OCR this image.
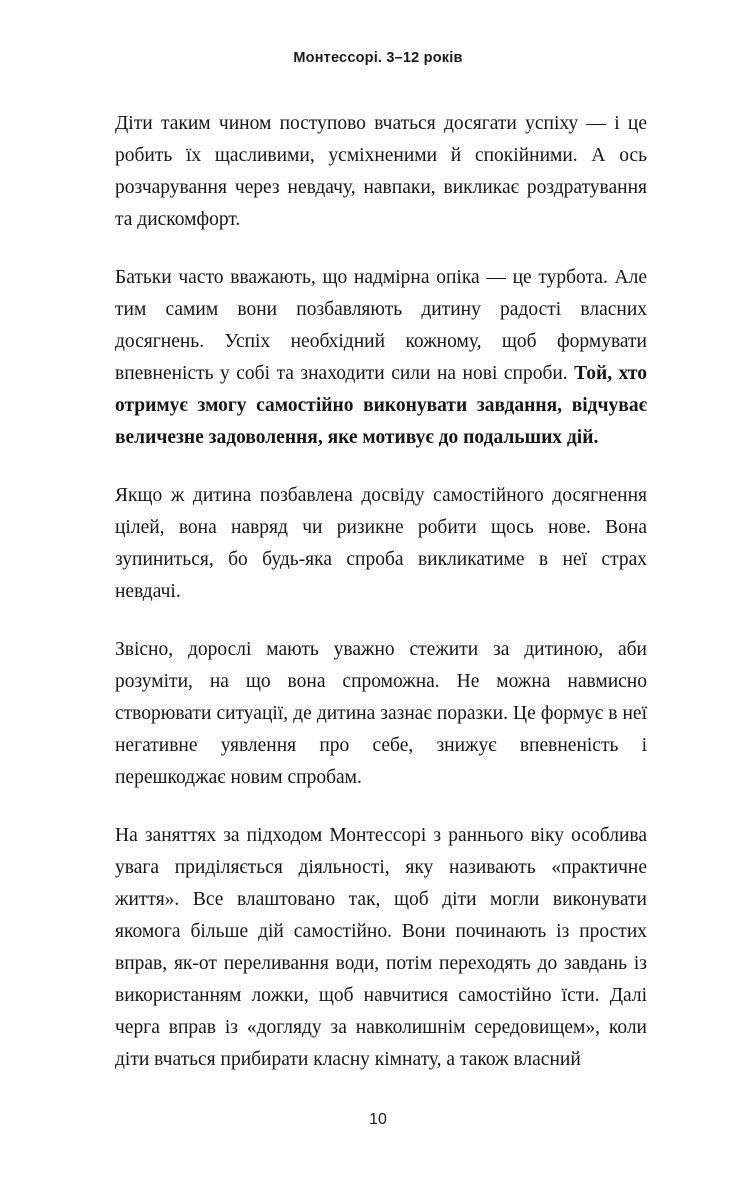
Монтессорі. 3–12 років

Діти таким чином поступово вчаться досягати успіху — і це робить їх щасливими, усміхненими й спокійними. А ось розчарування через невдачу, навпаки, викликає роздратування та дискомфорт.

Батьки часто вважають, що надмірна опіка — це турбота. Але тим самим вони позбавляють дитину радості власних досягнень. Успіх необхідний кожному, щоб формувати впевненість у собі та знаходити сили на нові спроби. Той, хто отримує змогу самостійно виконувати завдання, відчуває величезне задоволення, яке мотивує до подальших дій.

Якщо ж дитина позбавлена досвіду самостійного досягнення цілей, вона навряд чи ризикне робити щось нове. Вона зупиниться, бо будь-яка спроба викликатиме в неї страх невдачі.

Звісно, дорослі мають уважно стежити за дитиною, аби розуміти, на що вона спроможна. Не можна навмисно створювати ситуації, де дитина зазнає поразки. Це формує в неї негативне уявлення про себе, знижує впевненість і перешкоджає новим спробам.

На заняттях за підходом Монтессорі з раннього віку особлива увага приділяється діяльності, яку називають «практичне життя». Все влаштовано так, щоб діти могли виконувати якомога більше дій самостійно. Вони починають із простих вправ, як-от переливання води, потім переходять до завдань із використанням ложки, щоб навчитися самостійно їсти. Далі черга вправ із «догляду за навколишнім середовищем», коли діти вчаться прибирати класну кімнату, а також власний

10
